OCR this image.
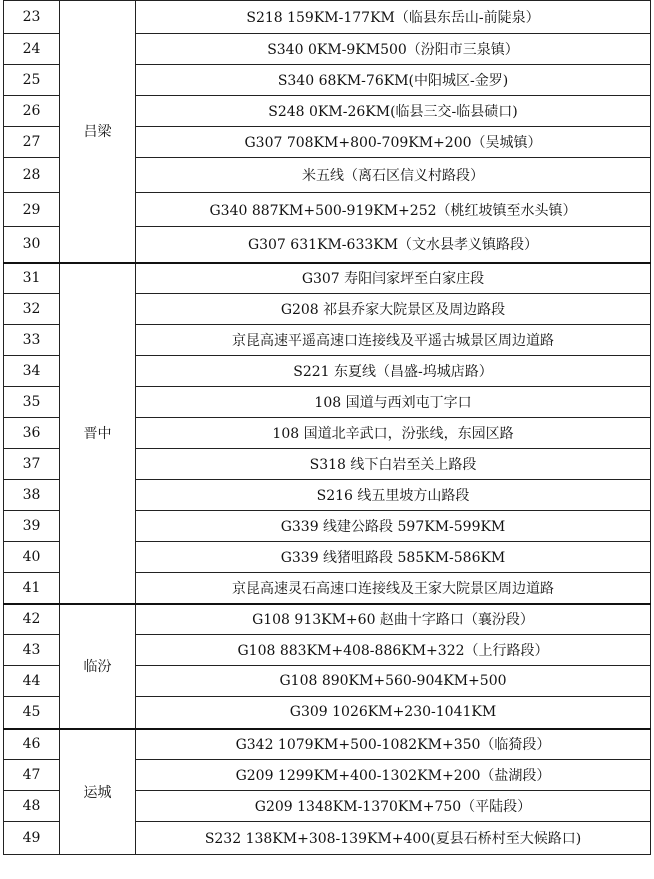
23	吕梁	S218 159KM-177KM（临县东岳山-前陡泉）
24		S340 0KM-9KM500（汾阳市三泉镇）
25		S340 68KM-76KM(中阳城区-金罗)
26		S248 0KM-26KM(临县三交-临县碛口)
27		G307 708KM+800-709KM+200（吴城镇）
28		米五线（离石区信义村路段）
29		G340 887KM+500-919KM+252（桃红坡镇至水头镇）
30		G307 631KM-633KM（文水县孝义镇路段）
31	晋中	G307 寿阳闫家坪至白家庄段
32		G208 祁县乔家大院景区及周边路段
33		京昆高速平遥高速口连接线及平遥古城景区周边道路
34		S221 东夏线（昌盛-坞城店路）
35		108 国道与西刘屯丁字口
36		108 国道北辛武口，汾张线，东园区路
37		S318 线下白岩至关上路段
38		S216 线五里坡方山路段
39		G339 线建公路段 597KM-599KM
40		G339 线猪咀路段 585KM-586KM
41		京昆高速灵石高速口连接线及王家大院景区周边道路
42	临汾	G108 913KM+60 赵曲十字路口（襄汾段）
43		G108 883KM+408-886KM+322（上行路段）
44		G108 890KM+560-904KM+500
45		G309 1026KM+230-1041KM
46	运城	G342 1079KM+500-1082KM+350（临猗段）
47		G209 1299KM+400-1302KM+200（盐湖段）
48		G209 1348KM-1370KM+750（平陆段）
49		S232 138KM+308-139KM+400(夏县石桥村至大候路口)
